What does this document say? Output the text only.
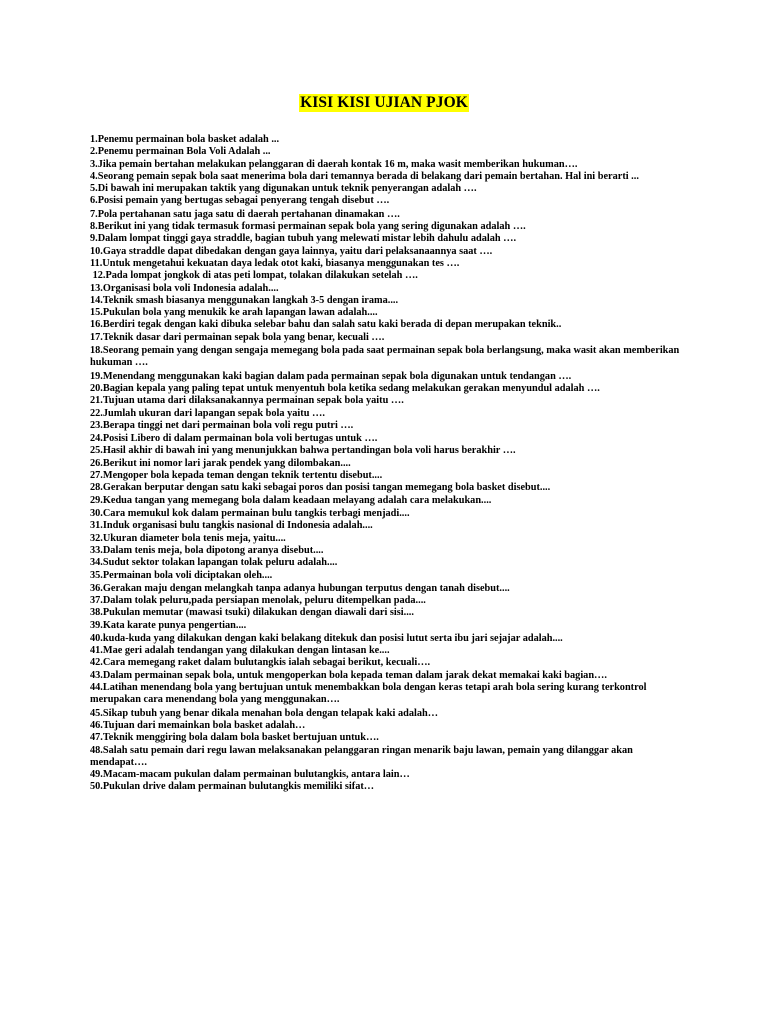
KISI KISI UJIAN PJOK

1.Penemu permainan bola basket adalah ...

2.Penemu permainan Bola Voli Adalah ...

3.Jika pemain bertahan melakukan pelanggaran di daerah kontak 16 m, maka wasit memberikan hukuman….

4.Seorang pemain sepak bola saat menerima bola dari temannya berada di belakang dari pemain bertahan. Hal ini berarti ...

5.Di bawah ini merupakan taktik yang digunakan untuk teknik penyerangan adalah ….

6.Posisi pemain yang bertugas sebagai penyerang tengah disebut ….

7.Pola pertahanan satu jaga satu di daerah pertahanan dinamakan ….

8.Berikut ini yang tidak termasuk formasi permainan sepak bola yang sering digunakan adalah ….

9.Dalam lompat tinggi gaya straddle, bagian tubuh yang melewati mistar lebih dahulu adalah ….

10.Gaya straddle dapat dibedakan dengan gaya lainnya, yaitu dari pelaksanaannya saat ….

11.Untuk mengetahui kekuatan daya ledak otot kaki, biasanya menggunakan tes ….

12.Pada lompat jongkok di atas peti lompat, tolakan dilakukan setelah ….

13.Organisasi bola voli Indonesia adalah....

14.Teknik smash biasanya menggunakan langkah 3-5 dengan irama....

15.Pukulan bola yang menukik ke arah lapangan lawan adalah....

16.Berdiri tegak dengan kaki dibuka selebar bahu dan salah satu kaki berada di depan merupakan teknik..

17.Teknik dasar dari permainan sepak bola yang benar, kecuali ….

18.Seorang pemain yang dengan sengaja memegang bola pada saat permainan sepak bola berlangsung, maka wasit akan memberikan hukuman ….

19.Menendang menggunakan kaki bagian dalam pada permainan sepak bola digunakan untuk tendangan ….

20.Bagian kepala yang paling tepat untuk menyentuh bola ketika sedang melakukan gerakan menyundul adalah ….

21.Tujuan utama dari dilaksanakannya permainan sepak bola yaitu ….

22.Jumlah ukuran dari lapangan sepak bola yaitu ….

23.Berapa tinggi net dari permainan bola voli regu putri ….

24.Posisi Libero di dalam permainan bola voli bertugas untuk ….

25.Hasil akhir di bawah ini yang menunjukkan bahwa pertandingan bola voli harus berakhir ….

26.Berikut ini nomor lari jarak pendek yang dilombakan....

27.Mengoper bola kepada teman dengan teknik tertentu disebut....

28.Gerakan berputar dengan satu kaki sebagai poros dan posisi tangan memegang bola basket disebut....

29.Kedua tangan yang memegang bola dalam keadaan melayang adalah cara melakukan....

30.Cara memukul kok dalam permainan bulu tangkis terbagi menjadi....

31.Induk organisasi bulu tangkis nasional di Indonesia adalah....

32.Ukuran diameter bola tenis meja, yaitu....

33.Dalam tenis meja, bola dipotong aranya disebut....

34.Sudut sektor tolakan lapangan tolak peluru adalah....

35.Permainan bola voli diciptakan oleh....

36.Gerakan maju dengan melangkah tanpa adanya hubungan terputus dengan tanah disebut....

37.Dalam tolak peluru,pada persiapan menolak, peluru ditempelkan pada....

38.Pukulan memutar (mawasi tsuki) dilakukan dengan diawali dari sisi....

39.Kata karate punya pengertian....

40.kuda-kuda yang dilakukan dengan kaki belakang ditekuk dan posisi lutut serta ibu jari sejajar adalah....

41.Mae geri adalah tendangan yang dilakukan dengan lintasan ke....

42.Cara memegang raket dalam bulutangkis ialah sebagai berikut, kecuali….

43.Dalam permainan sepak bola, untuk mengoperkan bola kepada teman dalam jarak dekat memakai kaki bagian….

44.Latihan menendang bola yang bertujuan untuk menembakkan bola dengan keras tetapi arah bola sering kurang terkontrol merupakan cara menendang bola yang menggunakan….

45.Sikap tubuh yang benar dikala menahan bola dengan telapak kaki adalah…

46.Tujuan dari memainkan bola basket adalah…

47.Teknik menggiring bola dalam bola basket bertujuan untuk….

48.Salah satu pemain dari regu lawan melaksanakan pelanggaran ringan menarik baju lawan, pemain yang dilanggar akan mendapat….

49.Macam-macam pukulan dalam permainan bulutangkis, antara lain…

50.Pukulan drive dalam permainan bulutangkis memiliki sifat…
